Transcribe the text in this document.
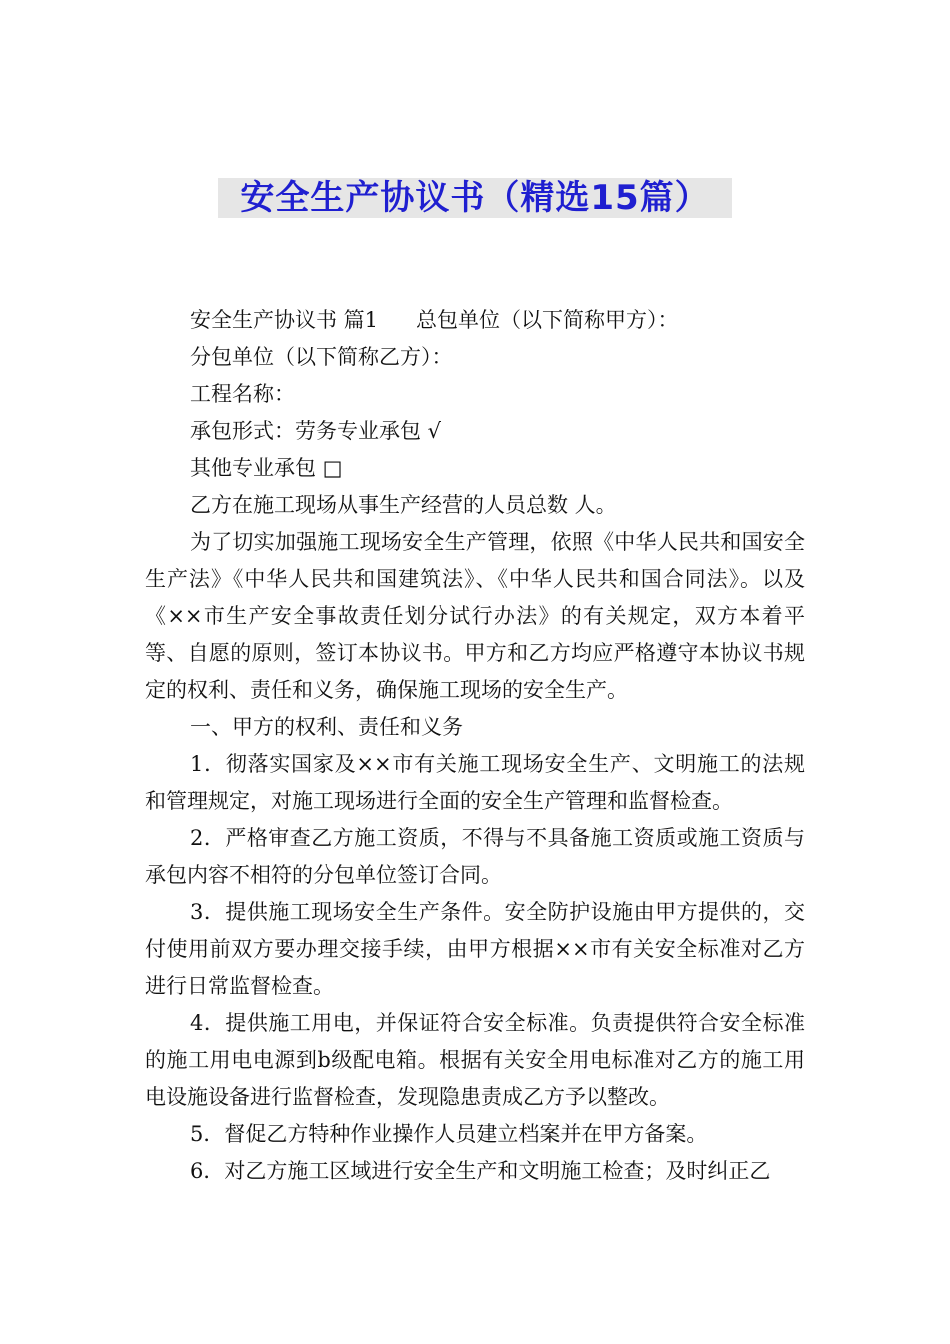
安全生产协议书（精选15篇）

安全生产协议书 篇1 总包单位（以下简称甲方）：

分包单位（以下简称乙方）：

工程名称：

承包形式：劳务专业承包 √

其他专业承包 □

乙方在施工现场从事生产经营的人员总数 人。

为了切实加强施工现场安全生产管理，依照《中华人民共和国安全生产法》《中华人民共和国建筑法》、《中华人民共和国合同法》。以及《××市生产安全事故责任划分试行办法》的有关规定，双方本着平等、自愿的原则，签订本协议书。甲方和乙方均应严格遵守本协议书规定的权利、责任和义务，确保施工现场的安全生产。

一、甲方的权利、责任和义务

1．彻落实国家及××市有关施工现场安全生产、文明施工的法规和管理规定，对施工现场进行全面的安全生产管理和监督检查。

2．严格审查乙方施工资质，不得与不具备施工资质或施工资质与承包内容不相符的分包单位签订合同。

3．提供施工现场安全生产条件。安全防护设施由甲方提供的，交付使用前双方要办理交接手续，由甲方根据××市有关安全标准对乙方进行日常监督检查。

4．提供施工用电，并保证符合安全标准。负责提供符合安全标准的施工用电电源到b级配电箱。根据有关安全用电标准对乙方的施工用电设施设备进行监督检查，发现隐患责成乙方予以整改。

5．督促乙方特种作业操作人员建立档案并在甲方备案。

6．对乙方施工区域进行安全生产和文明施工检查；及时纠正乙
